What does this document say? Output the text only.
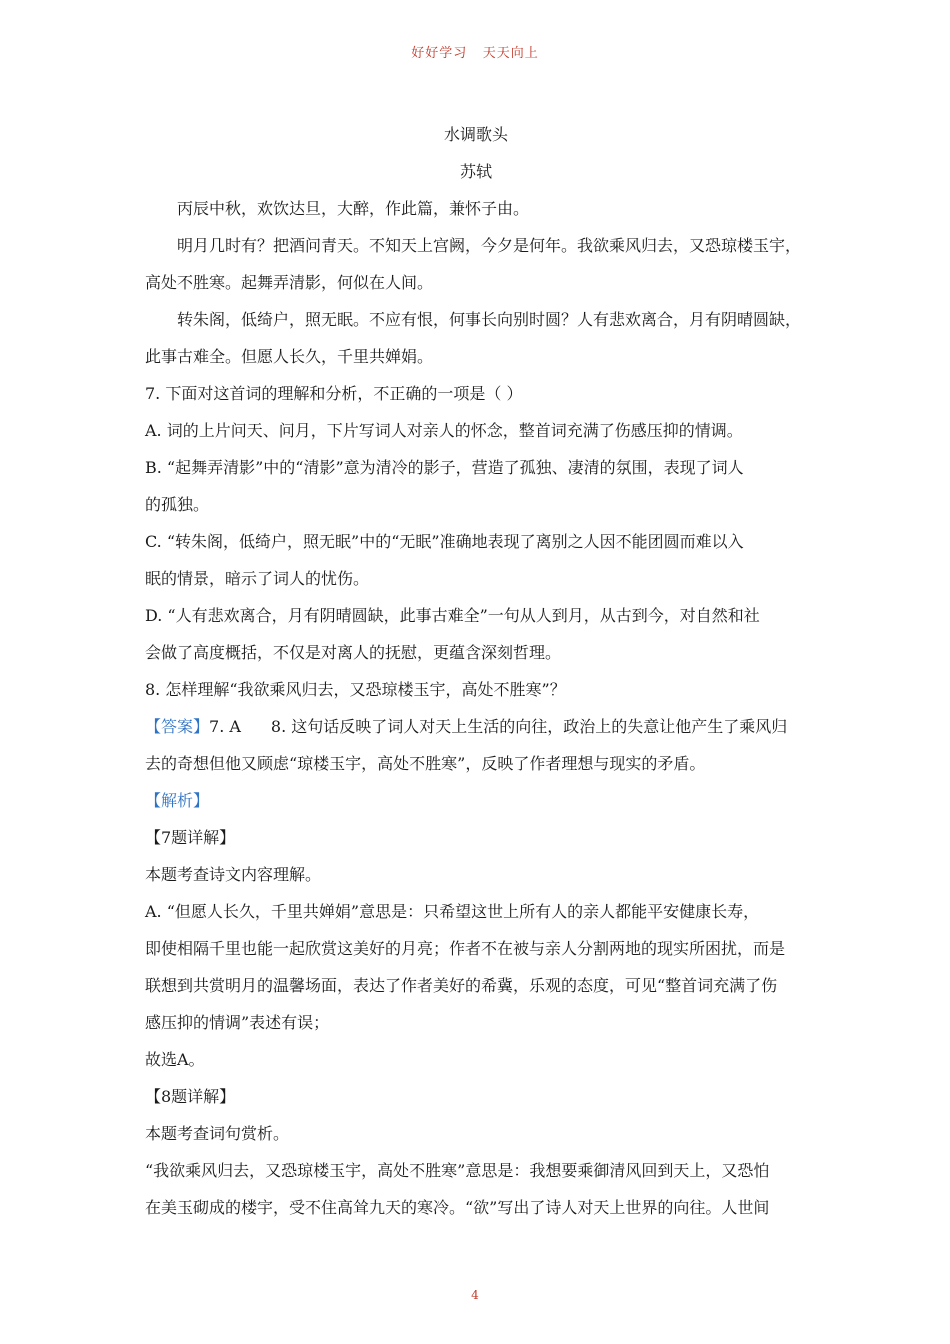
好好学习   天天向上

水调歌头

苏轼

丙辰中秋，欢饮达旦，大醉，作此篇，兼怀子由。

明月几时有？把酒问青天。不知天上宫阙，今夕是何年。我欲乘风归去，又恐琼楼玉宇，

高处不胜寒。起舞弄清影，何似在人间。

转朱阁，低绮户，照无眠。不应有恨，何事长向别时圆？人有悲欢离合，月有阴晴圆缺，

此事古难全。但愿人长久，千里共婵娟。

7. 下面对这首词的理解和分析，不正确的一项是（ ）

A. 词的上片问天、问月，下片写词人对亲人的怀念，整首词充满了伤感压抑的情调。

B. “起舞弄清影”中的“清影”意为清冷的影子，营造了孤独、凄清的氛围，表现了词人

的孤独。

C. “转朱阁，低绮户，照无眠”中的“无眠”准确地表现了离别之人因不能团圆而难以入

眠的情景，暗示了词人的忧伤。

D. “人有悲欢离合，月有阴晴圆缺，此事古难全”一句从人到月，从古到今，对自然和社

会做了高度概括，不仅是对离人的抚慰，更蕴含深刻哲理。

8. 怎样理解“我欲乘风归去，又恐琼楼玉宇，高处不胜寒”？

【答案】7. A 8. 这句话反映了词人对天上生活的向往，政治上的失意让他产生了乘风归

去的奇想但他又顾虑“琼楼玉宇，高处不胜寒”，反映了作者理想与现实的矛盾。

【解析】

【7题详解】

本题考查诗文内容理解。

A. “但愿人长久，千里共婵娟”意思是：只希望这世上所有人的亲人都能平安健康长寿，

即使相隔千里也能一起欣赏这美好的月亮；作者不在被与亲人分割两地的现实所困扰，而是

联想到共赏明月的温馨场面，表达了作者美好的希冀，乐观的态度，可见“整首词充满了伤

感压抑的情调”表述有误；

故选A。

【8题详解】

本题考查词句赏析。

“我欲乘风归去，又恐琼楼玉宇，高处不胜寒”意思是：我想要乘御清风回到天上，又恐怕

在美玉砌成的楼宇，受不住高耸九天的寒冷。“欲”写出了诗人对天上世界的向往。人世间

4
